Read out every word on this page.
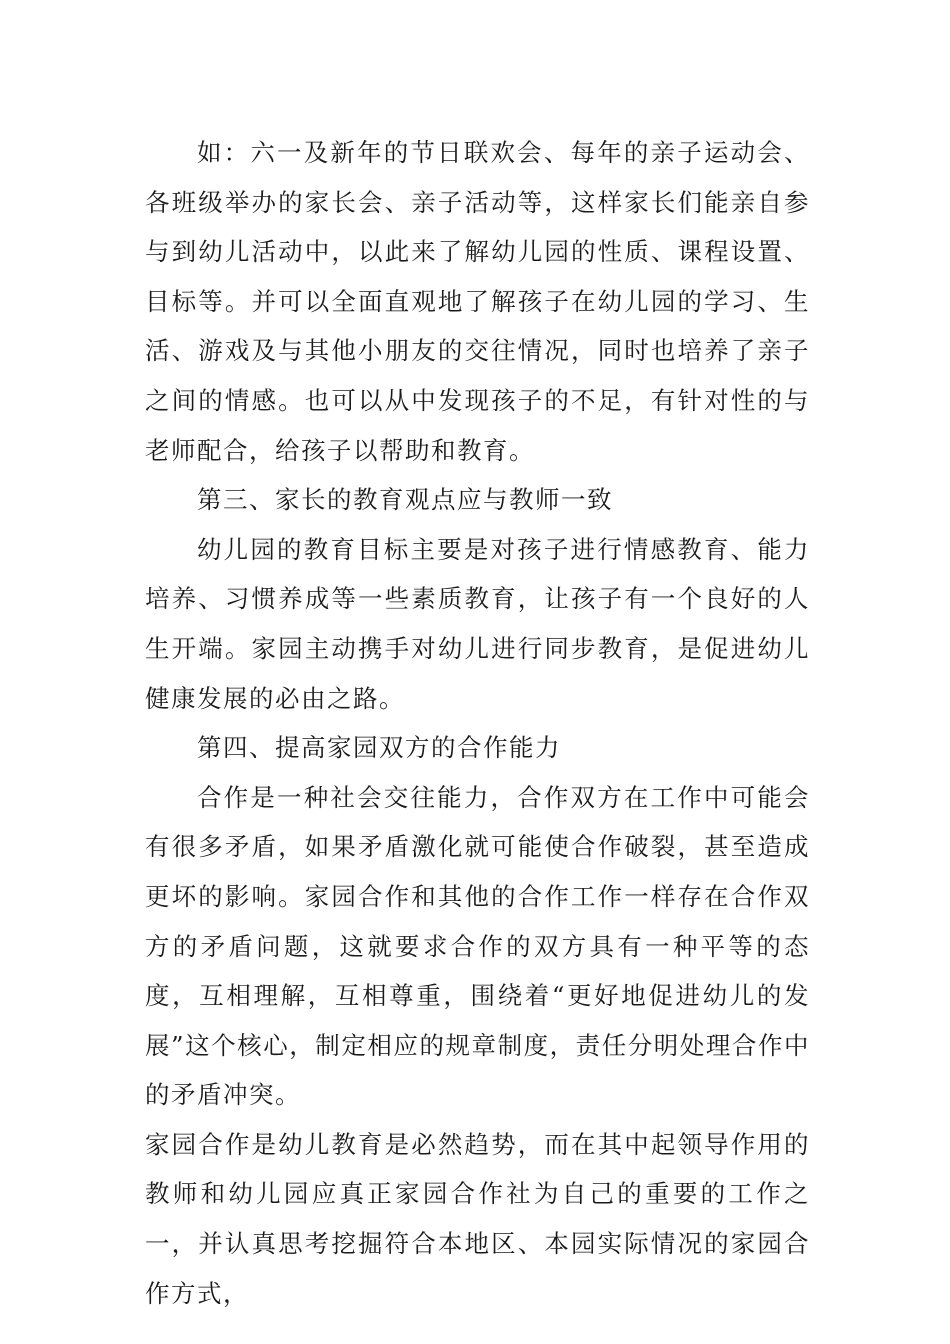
如：六一及新年的节日联欢会、每年的亲子运动会、各班级举办的家长会、亲子活动等，这样家长们能亲自参与到幼儿活动中，以此来了解幼儿园的性质、课程设置、目标等。并可以全面直观地了解孩子在幼儿园的学习、生活、游戏及与其他小朋友的交往情况，同时也培养了亲子之间的情感。也可以从中发现孩子的不足，有针对性的与老师配合，给孩子以帮助和教育。

第三、家长的教育观点应与教师一致

幼儿园的教育目标主要是对孩子进行情感教育、能力培养、习惯养成等一些素质教育，让孩子有一个良好的人生开端。家园主动携手对幼儿进行同步教育，是促进幼儿健康发展的必由之路。

第四、提高家园双方的合作能力

合作是一种社会交往能力，合作双方在工作中可能会有很多矛盾，如果矛盾激化就可能使合作破裂，甚至造成更坏的影响。家园合作和其他的合作工作一样存在合作双方的矛盾问题，这就要求合作的双方具有一种平等的态度，互相理解，互相尊重，围绕着“更好地促进幼儿的发展”这个核心，制定相应的规章制度，责任分明处理合作中的矛盾冲突。

家园合作是幼儿教育是必然趋势，而在其中起领导作用的教师和幼儿园应真正家园合作社为自己的重要的工作之一，并认真思考挖掘符合本地区、本园实际情况的家园合作方式，
